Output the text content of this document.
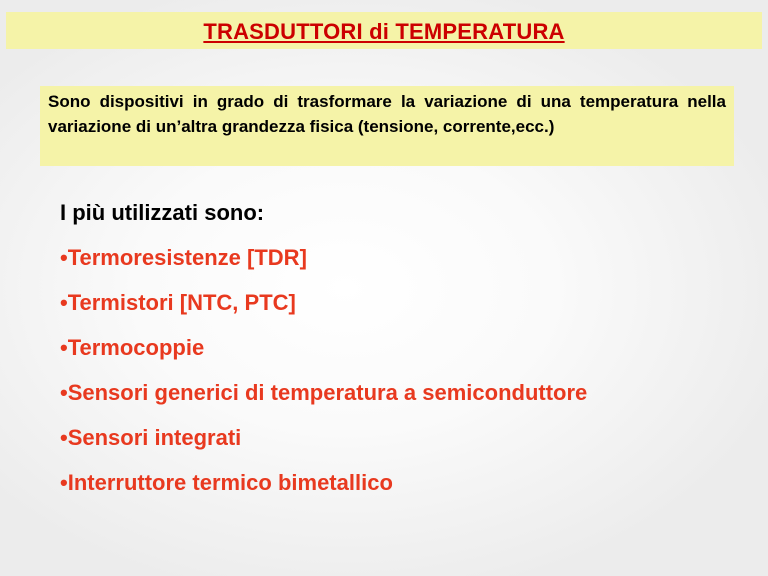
TRASDUTTORI di TEMPERATURA

Sono dispositivi in grado di trasformare la variazione di una temperatura nella variazione di un’altra grandezza fisica (tensione, corrente,ecc.)

I più utilizzati sono:

•Termoresistenze [TDR]
•Termistori [NTC, PTC]
•Termocoppie
•Sensori generici di temperatura a semiconduttore
•Sensori integrati
•Interruttore termico bimetallico
